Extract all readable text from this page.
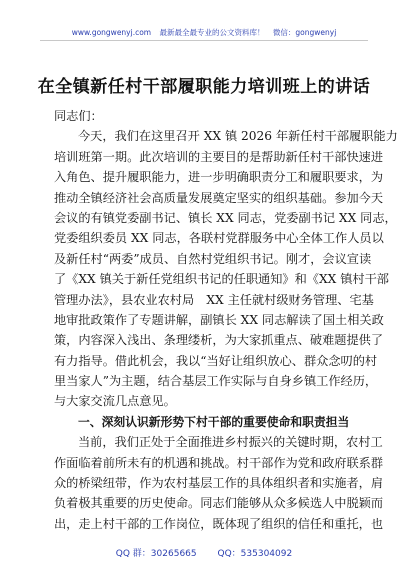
www.gongwenyj.com 最新最全最专业的公文资料库！ 微信：gongwenyj
在全镇新任村干部履职能力培训班上的讲话
同志们：
今天，我们在这里召开 XX 镇 2026 年新任村干部履职能力
培训班第一期。此次培训的主要目的是帮助新任村干部快速进
入角色、提升履职能力，进一步明确职责分工和履职要求，为
推动全镇经济社会高质量发展奠定坚实的组织基础。参加今天
会议的有镇党委副书记、镇长 XX 同志，党委副书记 XX 同志，
党委组织委员 XX 同志，各联村党群服务中心全体工作人员以
及新任村“两委”成员、自然村党组织书记。刚才，会议宣读
了《XX 镇关于新任党组织书记的任职通知》和《XX 镇村干部
管理办法》，县农业农村局　XX 主任就村级财务管理、宅基
地审批政策作了专题讲解，副镇长 XX 同志解读了国土相关政
策，内容深入浅出、条理缕析，为大家抓重点、破难题提供了
有力指导。借此机会，我以“当好让组织放心、群众念叨的村
里当家人”为主题，结合基层工作实际与自身乡镇工作经历，
与大家交流几点意见。
一、深刻认识新形势下村干部的重要使命和职责担当
当前，我们正处于全面推进乡村振兴的关键时期，农村工
作面临着前所未有的机遇和挑战。村干部作为党和政府联系群
众的桥梁纽带，作为农村基层工作的具体组织者和实施者，肩
负着极其重要的历史使命。同志们能够从众多候选人中脱颖而
出，走上村干部的工作岗位，既体现了组织的信任和重托，也
QQ 群：30265665 QQ：535304092
